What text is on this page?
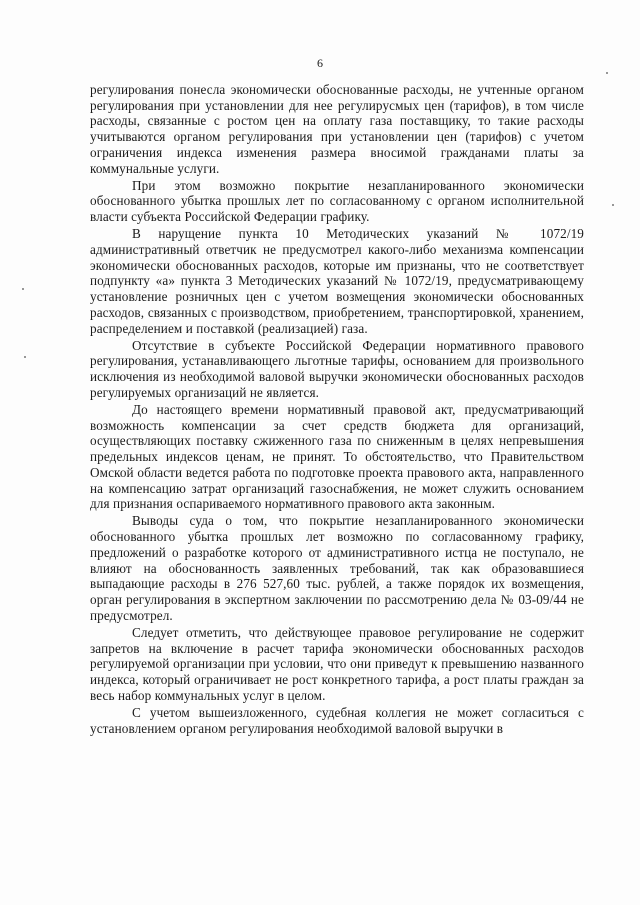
6

регулирования понесла экономически обоснованные расходы, не учтенные органом регулирования при установлении для нее регулирусмых цен (тарифов), в том числе расходы, связанные с ростом цен на оплату газа поставщику, то такие расходы учитываются органом регулирования при установлении цен (тарифов) с учетом ограничения индекса изменения размера вносимой гражданами платы за коммунальные услуги.

При этом возможно покрытие незапланированного экономически обоснованного убытка прошлых лет по согласованному с органом исполнительной власти субъекта Российской Федерации графику.

В нарущение пункта 10 Методических указаний № 1072/19 административный ответчик не предусмотрел какого-либо механизма компенсации экономически обоснованных расходов, которые им признаны, что не соответствует подпункту «а» пункта 3 Методических указаний № 1072/19, предусматривающему установление розничных цен с учетом возмещения экономически обоснованных расходов, связанных с производством, приобретением, транспортировкой, хранением, распределением и поставкой (реализацией) газа.

Отсутствие в субъекте Российской Федерации нормативного правового регулирования, устанавливающего льготные тарифы, основанием для произвольного исключения из необходимой валовой выручки экономически обоснованных расходов регулируемых организаций не является.

До настоящего времени нормативный правовой акт, предусматривающий возможность компенсации за счет средств бюджета для организаций, осуществляющих поставку сжиженного газа по сниженным в целях непревышения предельных индексов ценам, не принят. То обстоятельство, что Правительством Омской области ведется работа по подготовке проекта правового акта, направленного на компенсацию затрат организаций газоснабжения, не может служить основанием для признания оспариваемого нормативного правового акта законным.

Выводы суда о том, что покрытие незапланированного экономически обоснованного убытка прошлых лет возможно по согласованному графику, предложений о разработке которого от административного истца не поступало, не влияют на обоснованность заявленных требований, так как образовавшиеся выпадающие расходы в 276 527,60 тыс. рублей, а также порядок их возмещения, орган регулирования в экспертном заключении по рассмотрению дела № 03-09/44 не предусмотрел.

Следует отметить, что действующее правовое регулирование не содержит запретов на включение в расчет тарифа экономически обоснованных расходов регулируемой организации при условии, что они приведут к превышению названного индекса, который ограничивает не рост конкретного тарифа, а рост платы граждан за весь набор коммунальных услуг в целом.

С учетом вышеизложенного, судебная коллегия не может согласиться с установлением органом регулирования необходимой валовой выручки в
